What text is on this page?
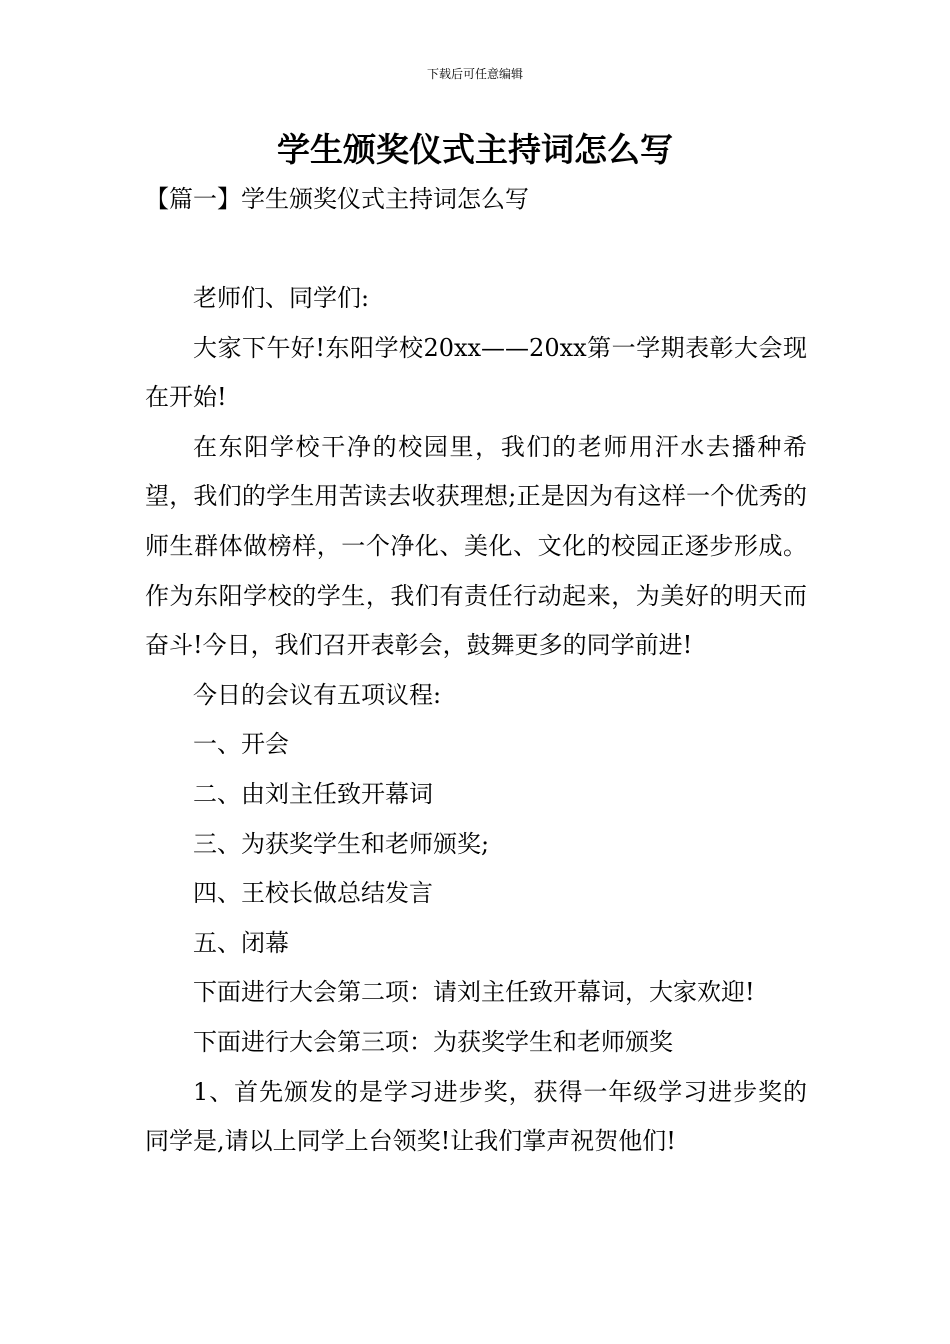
下载后可任意编辑
学生颁奖仪式主持词怎么写
【篇一】学生颁奖仪式主持词怎么写

老师们、同学们:

大家下午好!东阳学校20xx——20xx第一学期表彰大会现在开始!

在东阳学校干净的校园里，我们的老师用汗水去播种希望，我们的学生用苦读去收获理想;正是因为有这样一个优秀的师生群体做榜样，一个净化、美化、文化的校园正逐步形成。作为东阳学校的学生，我们有责任行动起来，为美好的明天而奋斗!今日，我们召开表彰会，鼓舞更多的同学前进!

今日的会议有五项议程:

一、开会

二、由刘主任致开幕词

三、为获奖学生和老师颁奖;

四、王校长做总结发言

五、闭幕

下面进行大会第二项：请刘主任致开幕词，大家欢迎!

下面进行大会第三项：为获奖学生和老师颁奖

1、首先颁发的是学习进步奖，获得一年级学习进步奖的同学是,请以上同学上台领奖!让我们掌声祝贺他们!
